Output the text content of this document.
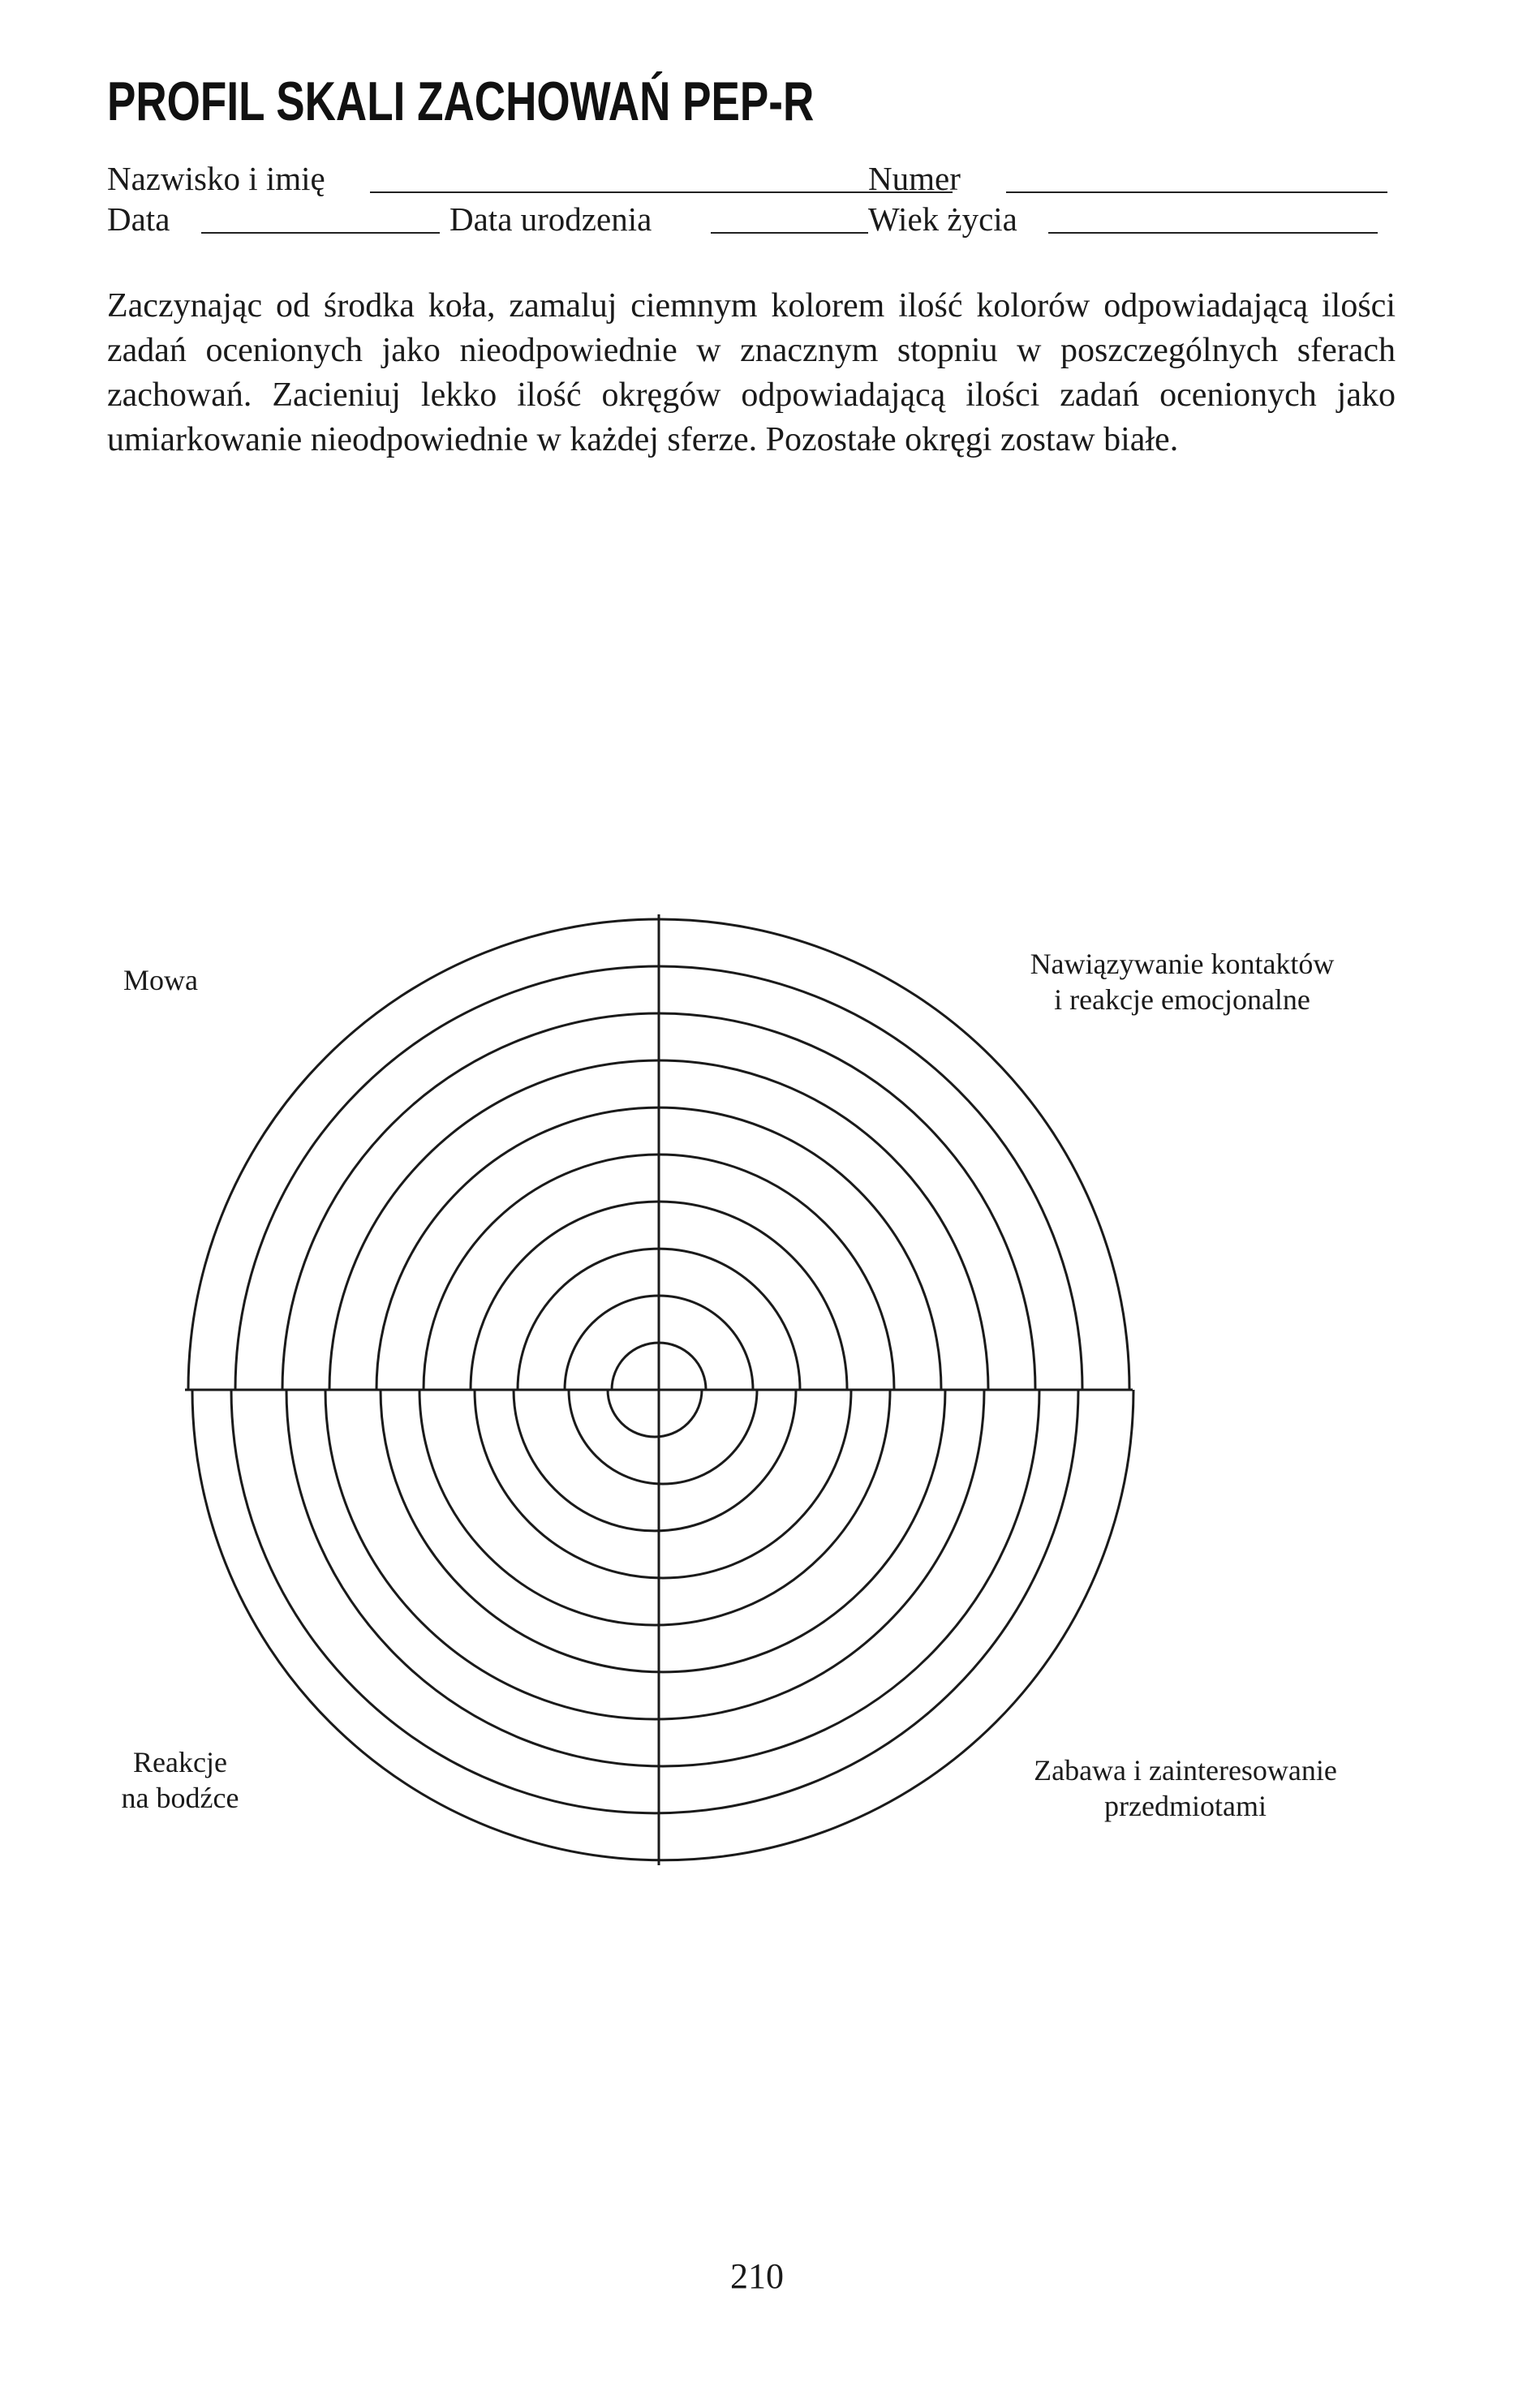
PROFIL SKALI ZACHOWAŃ PEP-R
Nazwisko i imię	Numer
Data	Data urodzenia	Wiek życia

Zaczynając od środka koła, zamaluj ciemnym kolorem ilość kolorów odpowiadającą ilości zadań ocenionych jako nieodpowiednie w znacznym stopniu w poszczególnych sferach zachowań. Zacieniuj lekko ilość okręgów odpowiadającą ilości zadań ocenionych jako umiarkowanie nieodpowiednie w każdej sferze. Pozostałe okręgi zostaw białe.

Mowa	Nawiązywanie kontaktów
i reakcje emocjonalne
Reakcje
na bodźce
Zabawa i zainteresowanie
przedmiotami
210
